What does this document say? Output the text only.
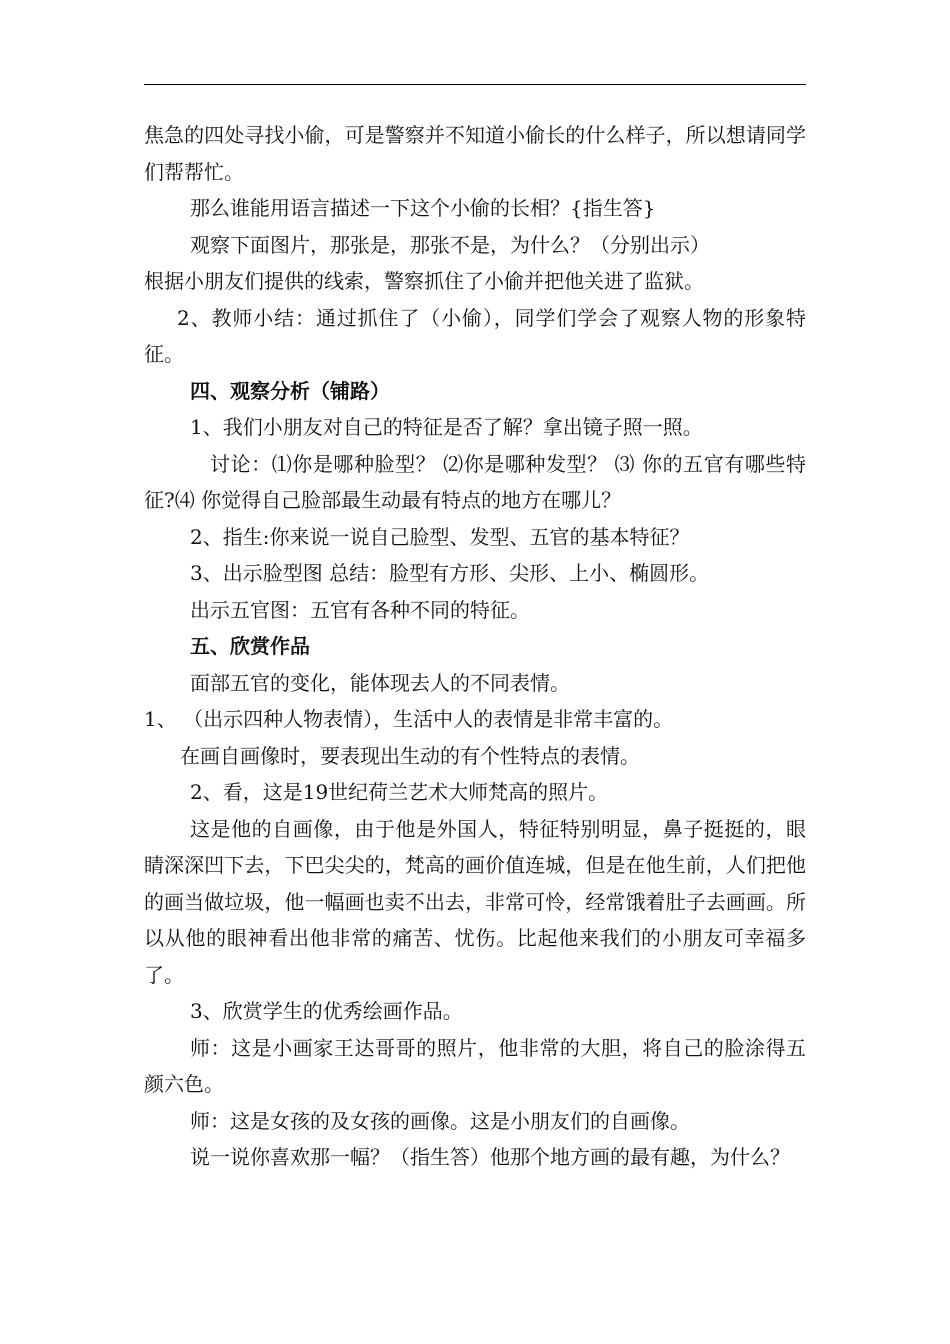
焦急的四处寻找小偷，可是警察并不知道小偷长的什么样子，所以想请同学们帮帮忙。

那么谁能用语言描述一下这个小偷的长相？{指生答}

观察下面图片，那张是，那张不是，为什么？（分别出示）

根据小朋友们提供的线索，警察抓住了小偷并把他关进了监狱。

2、教师小结：通过抓住了（小偷），同学们学会了观察人物的形象特征。

四、观察分析（铺路）

1、我们小朋友对自己的特征是否了解？拿出镜子照一照。

讨论：⑴你是哪种脸型？ ⑵你是哪种发型？ ⑶ 你的五官有哪些特征?⑷ 你觉得自己脸部最生动最有特点的地方在哪儿？

2、指生:你来说一说自己脸型、发型、五官的基本特征？

3、出示脸型图 总结：脸型有方形、尖形、上小、椭圆形。

出示五官图：五官有各种不同的特征。

五、欣赏作品

面部五官的变化，能体现去人的不同表情。

1、 （出示四种人物表情），生活中人的表情是非常丰富的。

在画自画像时，要表现出生动的有个性特点的表情。

2、看，这是19世纪荷兰艺术大师梵高的照片。

这是他的自画像，由于他是外国人，特征特别明显，鼻子挺挺的，眼睛深深凹下去，下巴尖尖的，梵高的画价值连城，但是在他生前，人们把他的画当做垃圾，他一幅画也卖不出去，非常可怜，经常饿着肚子去画画。所以从他的眼神看出他非常的痛苦、忧伤。比起他来我们的小朋友可幸福多了。

3、欣赏学生的优秀绘画作品。

师：这是小画家王达哥哥的照片，他非常的大胆，将自己的脸涂得五颜六色。

师：这是女孩的及女孩的画像。这是小朋友们的自画像。

说一说你喜欢那一幅？（指生答）他那个地方画的最有趣，为什么？
